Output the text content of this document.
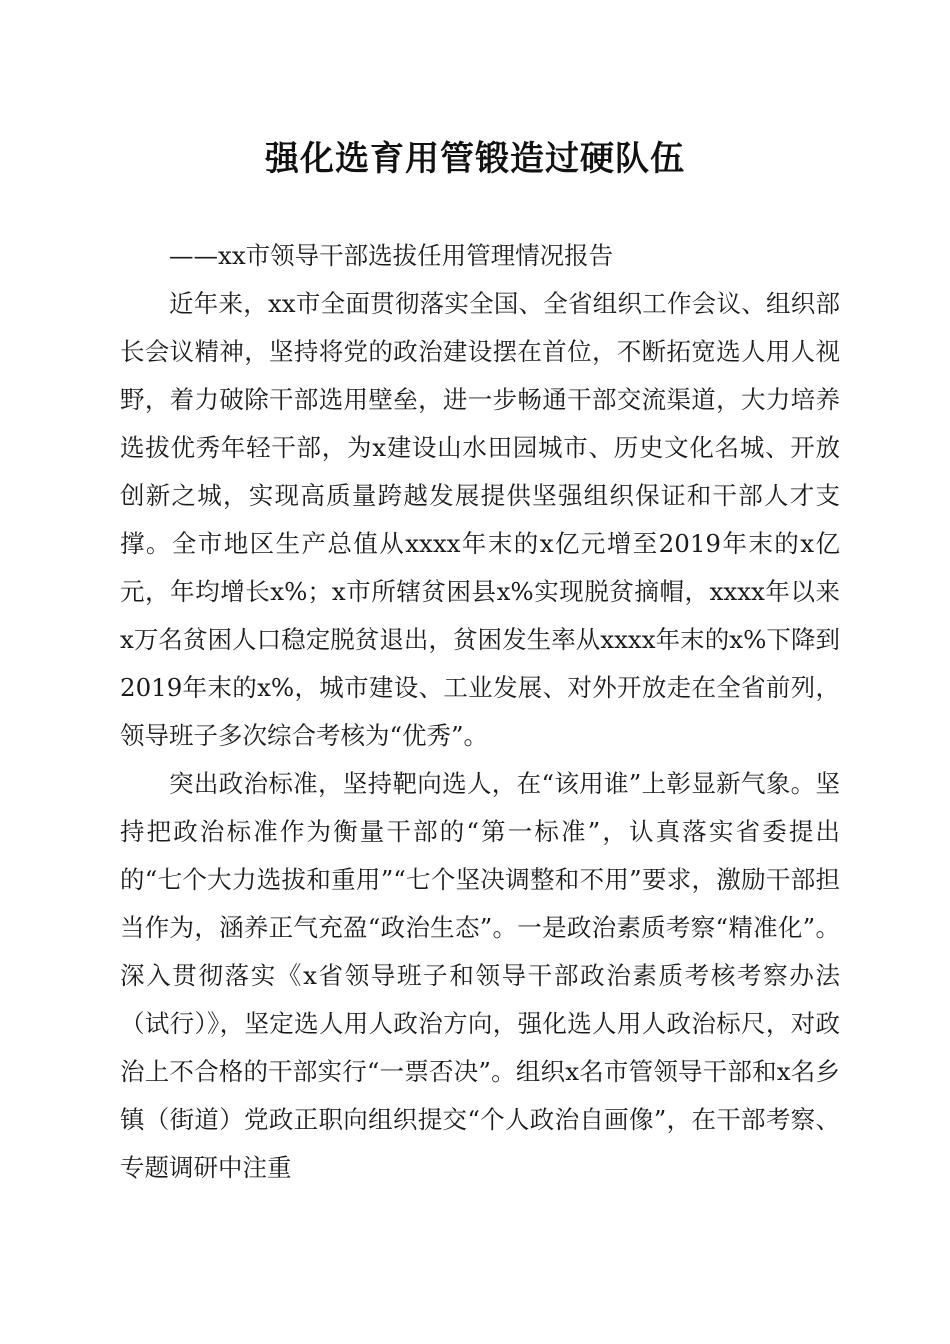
强化选育用管锻造过硬队伍

——xx市领导干部选拔任用管理情况报告

近年来，xx市全面贯彻落实全国、全省组织工作会议、组织部长会议精神，坚持将党的政治建设摆在首位，不断拓宽选人用人视野，着力破除干部选用壁垒，进一步畅通干部交流渠道，大力培养选拔优秀年轻干部，为x建设山水田园城市、历史文化名城、开放创新之城，实现高质量跨越发展提供坚强组织保证和干部人才支撑。全市地区生产总值从xxxx年末的x亿元增至2019年末的x亿元，年均增长x%；x市所辖贫困县x%实现脱贫摘帽，xxxx年以来x万名贫困人口稳定脱贫退出，贫困发生率从xxxx年末的x%下降到2019年末的x%，城市建设、工业发展、对外开放走在全省前列，领导班子多次综合考核为“优秀”。

突出政治标准，坚持靶向选人，在“该用谁”上彰显新气象。坚持把政治标准作为衡量干部的“第一标准”，认真落实省委提出的“七个大力选拔和重用”“七个坚决调整和不用”要求，激励干部担当作为，涵养正气充盈“政治生态”。一是政治素质考察“精准化”。深入贯彻落实《x省领导班子和领导干部政治素质考核考察办法（试行）》，坚定选人用人政治方向，强化选人用人政治标尺，对政治上不合格的干部实行“一票否决”。组织x名市管领导干部和x名乡镇（街道）党政正职向组织提交“个人政治自画像”，在干部考察、专题调研中注重
